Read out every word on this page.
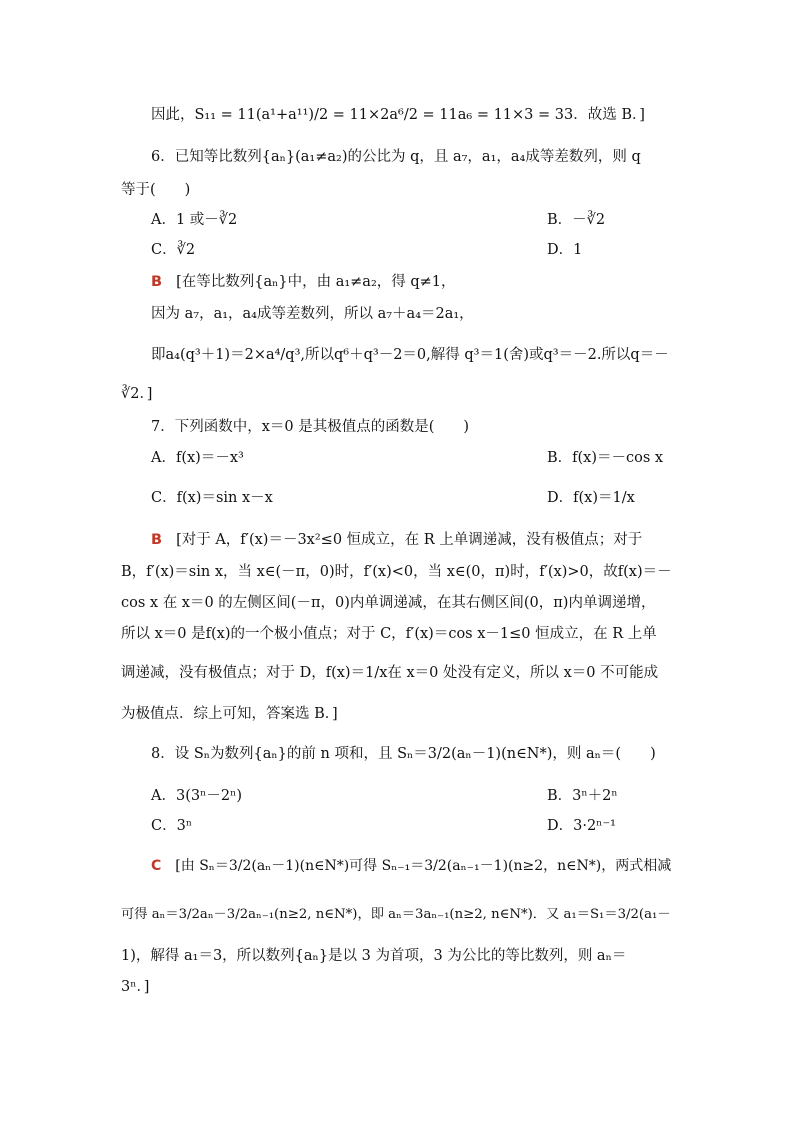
因此，S₁₁ = 11(a¹+a¹¹)/2 = 11×2a⁶/2 = 11a₆ = 11×3 = 33．故选 B．]
6．已知等比数列{aₙ}(a₁≠a₂)的公比为 q，且 a₇，a₁，a₄成等差数列，则 q
等于(　　)
A．1 或－∛2	B．－∛2
C．∛2	D．1
B [在等比数列{aₙ}中，由 a₁≠a₂，得 q≠1，
因为 a₇，a₁，a₄成等差数列，所以 a₇＋a₄＝2a₁，
即a₄(q³＋1)＝2×a⁴/q³,所以q⁶＋q³－2＝0,解得 q³＝1(舍)或q³＝－2.所以q＝－
∛2．]
7．下列函数中，x＝0 是其极值点的函数是(　　)
A．f(x)＝－x³	B．f(x)＝－cos x
C．f(x)＝sin x－x	D．f(x)＝1/x
B [对于 A，f′(x)＝－3x²≤0 恒成立，在 R 上单调递减，没有极值点；对于
B，f′(x)＝sin x，当 x∈(－π，0)时，f′(x)<0，当 x∈(0，π)时，f′(x)>0，故f(x)＝－
cos x 在 x＝0 的左侧区间(－π，0)内单调递减，在其右侧区间(0，π)内单调递增，
所以 x＝0 是f(x)的一个极小值点；对于 C，f′(x)＝cos x－1≤0 恒成立，在 R 上单
调递减，没有极值点；对于 D，f(x)＝1/x在 x＝0 处没有定义，所以 x＝0 不可能成
为极值点．综上可知，答案选 B．]
8．设 Sₙ为数列{aₙ}的前 n 项和，且 Sₙ＝3/2(aₙ－1)(n∈N*)，则 aₙ＝(　　)
A．3(3ⁿ－2ⁿ)	B．3ⁿ＋2ⁿ
C．3ⁿ	D．3·2ⁿ⁻¹
C [由 Sₙ＝3/2(aₙ－1)(n∈N*)可得 Sₙ₋₁＝3/2(aₙ₋₁－1)(n≥2，n∈N*)，两式相减
可得 aₙ＝3/2aₙ－3/2aₙ₋₁(n≥2, n∈N*)，即 aₙ＝3aₙ₋₁(n≥2, n∈N*)．又 a₁＝S₁＝3/2(a₁－
1)，解得 a₁＝3，所以数列{aₙ}是以 3 为首项，3 为公比的等比数列，则 aₙ＝
3ⁿ．]
